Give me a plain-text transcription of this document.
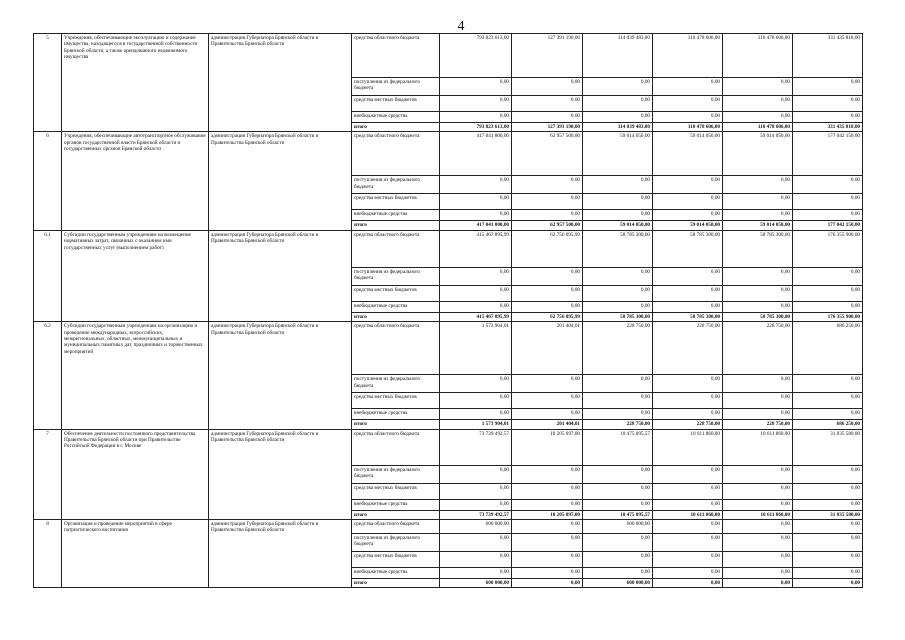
4
5	Учреждения, обеспечивающие эксплуатацию и содержание имущества, находящегося в государственной собственности Брянской области, а также арендованного недвижимого имущества	администрация Губернатора Брянской области и Правительства Брянской области	средства областного бюджета	793 823 613,00	127 391 190,00	114 039 483,00	110 478 606,00	110 478 606,00	331 435 818,00
			поступления из федерального бюджета	0,00	0,00	0,00	0,00	0,00	0,00
			средства местных бюджетов	0,00	0,00	0,00	0,00	0,00	0,00
			внебюджетные средства	0,00	0,00	0,00	0,00	0,00	0,00
			итого	793 823 613,00	127 391 190,00	114 039 483,00	110 478 606,00	110 478 606,00	331 435 818,00
6	Учреждения, обеспечивающие автотранспортное обслуживание органов государственной власти Брянской области и государственных органов Брянской области	администрация Губернатора Брянской области и Правительства Брянской области	средства областного бюджета	417 041 800,00	62 957 500,00	59 014 050,00	59 014 050,00	59 014 050,00	177 042 150,00
			поступления из федерального бюджета	0,00	0,00	0,00	0,00	0,00	0,00
			средства местных бюджетов	0,00	0,00	0,00	0,00	0,00	0,00
			внебюджетные средства	0,00	0,00	0,00	0,00	0,00	0,00
			итого	417 041 800,00	62 957 500,00	59 014 050,00	59 014 050,00	59 014 050,00	177 042 150,00
6.1	Субсидии государственным учреждениям на возмещение нормативных затрат, связанных с оказанием ими государственных услуг (выполнением работ)	администрация Губернатора Брянской области и Правительства Брянской области	средства областного бюджета	415 467 895,99	62 756 095,99	58 785 300,00	58 785 300,00	58 785 300,00	176 355 900,00
			поступления из федерального бюджета	0,00	0,00	0,00	0,00	0,00	0,00
			средства местных бюджетов	0,00	0,00	0,00	0,00	0,00	0,00
			внебюджетные средства	0,00	0,00	0,00	0,00	0,00	0,00
			итого	415 467 895,99	62 756 095,99	58 785 300,00	58 785 300,00	58 785 300,00	176 355 900,00
6.2	Субсидии государственным учреждениям на организацию и проведение международных, всероссийских, межрегиональных, областных, межмуниципальных и муниципальных памятных дат, праздничных и торжественных мероприятий	администрация Губернатора Брянской области и Правительства Брянской области	средства областного бюджета	1 573 904,01	201 404,01	228 750,00	228 750,00	228 750,00	686 250,00
			поступления из федерального бюджета	0,00	0,00	0,00	0,00	0,00	0,00
			средства местных бюджетов	0,00	0,00	0,00	0,00	0,00	0,00
			внебюджетные средства	0,00	0,00	0,00	0,00	0,00	0,00
			итого	1 573 904,01	201 404,01	228 750,00	228 750,00	228 750,00	686 250,00
7	Обеспечение деятельности постоянного представительства Правительства Брянской области при Правительстве Российской Федерации в г. Москве	администрация Губернатора Брянской области и Правительства Брянской области	средства областного бюджета	73 739 492,57	10 205 097,00	10 475 095,57	10 611 860,00	10 611 860,00	31 835 580,00
			поступления из федерального бюджета	0,00	0,00	0,00	0,00	0,00	0,00
			средства местных бюджетов	0,00	0,00	0,00	0,00	0,00	0,00
			внебюджетные средства	0,00	0,00	0,00	0,00	0,00	0,00
			итого	73 739 492,57	10 205 097,00	10 475 095,57	10 611 860,00	10 611 860,00	31 835 580,00
8	Организация и проведение мероприятий в сфере патриотического воспитания	администрация Губернатора Брянской области и Правительства Брянской области	средства областного бюджета	600 000,00	0,00	600 000,00	0,00	0,00	0,00
			поступления из федерального бюджета	0,00	0,00	0,00	0,00	0,00	0,00
			средства местных бюджетов	0,00	0,00	0,00	0,00	0,00	0,00
			внебюджетные средства	0,00	0,00	0,00	0,00	0,00	0,00
			итого	600 000,00	0,00	600 000,00	0,00	0,00	0,00
